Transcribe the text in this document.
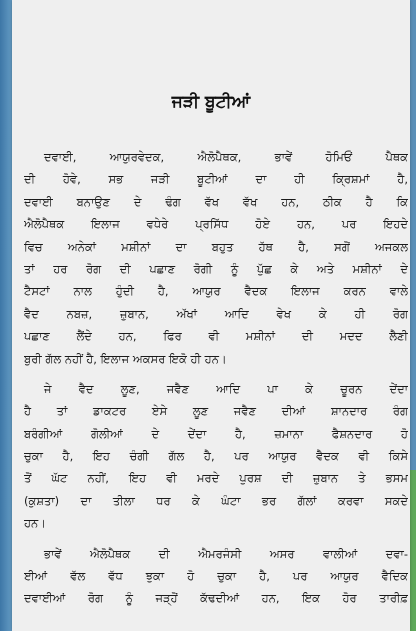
ਜੜੀ ਬੂਟੀਆਂ
ਦਵਾਈ, ਆਯੁਰਵੇਦਕ, ਐਲੋਪੈਥਕ, ਭਾਵੇਂ ਹੋਮਿਓਂ ਪੈਥਕ
ਦੀ ਹੋਵੇ, ਸਭ ਜੜੀ ਬੂਟੀਆਂ ਦਾ ਹੀ ਕ੍ਰਿਸ਼ਮਾਂ ਹੈ,
ਦਵਾਈ ਬਨਾਉਣ ਦੇ ਢੰਗ ਵੱਖ ਵੱਖ ਹਨ, ਠੀਕ ਹੈ ਕਿ
ਐਲੋਪੈਥਕ ਇਲਾਜ ਵਧੇਰੇ ਪ੍ਰਸਿੱਧ ਹੋਏ ਹਨ, ਪਰ ਇਹਦੇ
ਵਿਚ ਅਨੇਕਾਂ ਮਸ਼ੀਨਾਂ ਦਾ ਬਹੁਤ ਹੱਥ ਹੈ, ਸਗੋਂ ਅਜਕਲ
ਤਾਂ ਹਰ ਰੋਗ ਦੀ ਪਛਾਣ ਰੋਗੀ ਨੂੰ ਪੁੱਛ ਕੇ ਅਤੇ ਮਸ਼ੀਨਾਂ ਦੇ
ਟੈਸਟਾਂ ਨਾਲ ਹੁੰਦੀ ਹੈ, ਆਯੁਰ ਵੈਦਕ ਇਲਾਜ ਕਰਨ ਵਾਲੇ
ਵੈਦ ਨਬਜ਼, ਜ਼ੁਬਾਨ, ਅੱਖਾਂ ਆਦਿ ਵੇਖ ਕੇ ਹੀ ਰੋਗ
ਪਛਾਣ ਲੈਂਦੇ ਹਨ, ਫਿਰ ਵੀ ਮਸ਼ੀਨਾਂ ਦੀ ਮਦਦ ਲੈਣੀ
ਬੁਰੀ ਗੱਲ ਨਹੀਂ ਹੈ, ਇਲਾਜ ਅਕਸਰ ਇਕੋ ਹੀ ਹਨ।
ਜੇ ਵੈਦ ਲੂਣ, ਜਵੈਣ ਆਦਿ ਪਾ ਕੇ ਚੂਰਨ ਦੇਂਦਾ
ਹੈ ਤਾਂ ਡਾਕਟਰ ਏਸੇ ਲੂਣ ਜਵੈਣ ਦੀਆਂ ਸ਼ਾਨਦਾਰ ਰੰਗ
ਬਰੰਗੀਆਂ ਗੋਲੀਆਂ ਦੇ ਦੇਂਦਾ ਹੈ, ਜ਼ਮਾਨਾ ਫੈਸ਼ਨਦਾਰ ਹੋ
ਚੁਕਾ ਹੈ, ਇਹ ਚੰਗੀ ਗੱਲ ਹੈ, ਪਰ ਆਯੁਰ ਵੈਦਕ ਵੀ ਕਿਸੇ
ਤੋਂ ਘੱਟ ਨਹੀਂ, ਇਹ ਵੀ ਮਰਦੇ ਪੁਰਸ਼ ਦੀ ਜ਼ੁਬਾਨ ਤੇ ਭਸਮ
(ਕੁਸ਼ਤਾ) ਦਾ ਤੀਲਾ ਧਰ ਕੇ ਘੰਟਾ ਭਰ ਗੱਲਾਂ ਕਰਵਾ ਸਕਦੇ
ਹਨ।
ਭਾਵੇਂ ਐਲੋਪੈਥਕ ਦੀ ਐਮਰਜੰਸੀ ਅਸਰ ਵਾਲੀਆਂ ਦਵਾ-
ਈਆਂ ਵੱਲ ਵੱਧ ਝੁਕਾ ਹੋ ਚੁਕਾ ਹੈ, ਪਰ ਆਯੁਰ ਵੈਦਿਕ
ਦਵਾਈਆਂ ਰੋਗ ਨੂੰ ਜੜ੍ਹੋਂ ਕੱਢਦੀਆਂ ਹਨ, ਇਕ ਹੋਰ ਤਾਰੀਫ਼
